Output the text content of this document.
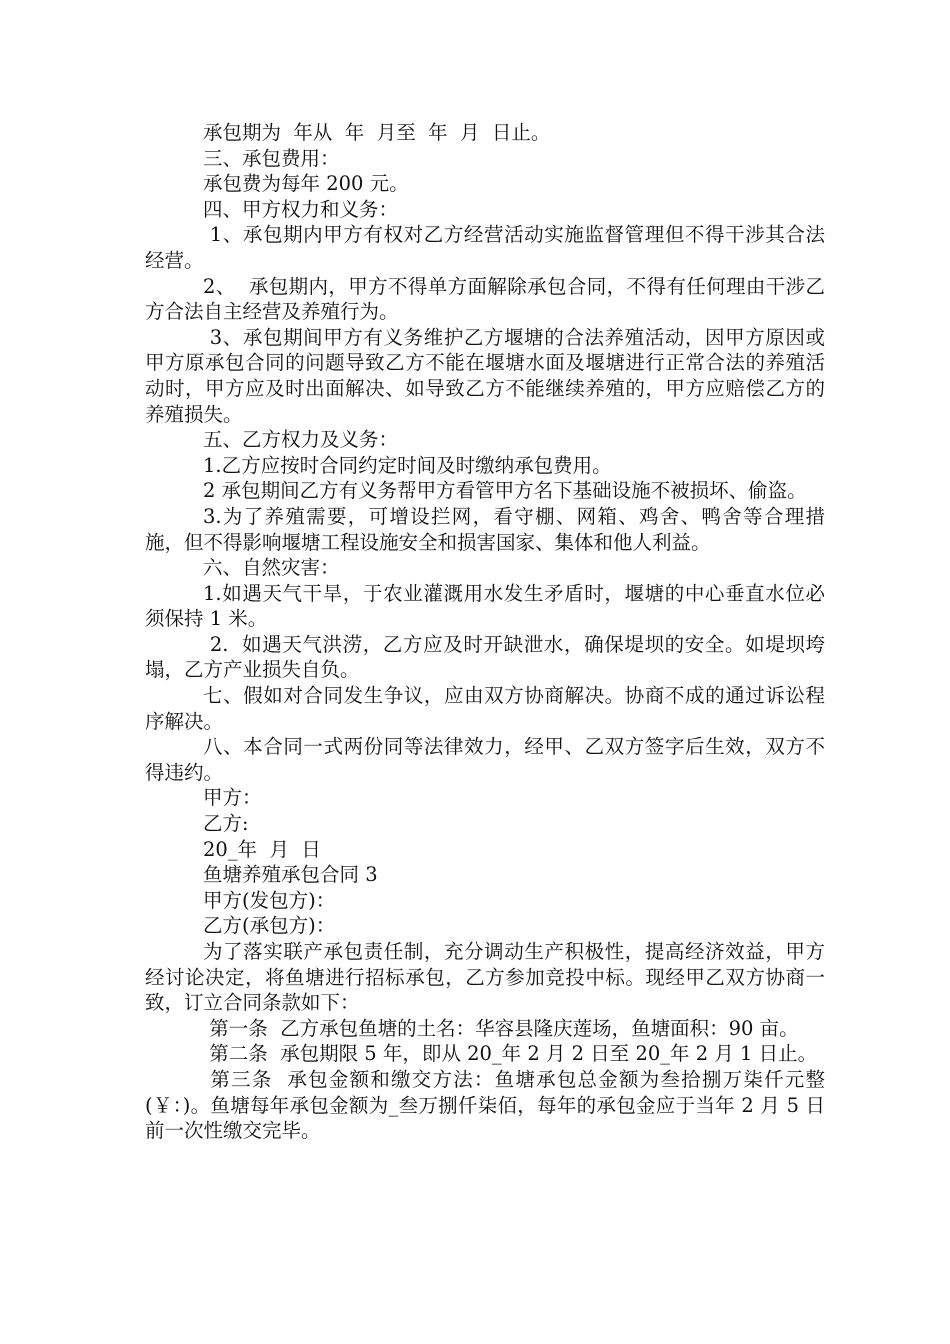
承包期为  年从  年  月至  年  月  日止。

三、承包费用：

承包费为每年 200 元。

四、甲方权力和义务：

1、承包期内甲方有权对乙方经营活动实施监督管理但不得干涉其合法经营。

2、  承包期内，甲方不得单方面解除承包合同，不得有任何理由干涉乙方合法自主经营及养殖行为。

3、承包期间甲方有义务维护乙方堰塘的合法养殖活动，因甲方原因或甲方原承包合同的问题导致乙方不能在堰塘水面及堰塘进行正常合法的养殖活动时，甲方应及时出面解决、如导致乙方不能继续养殖的，甲方应赔偿乙方的养殖损失。

五、乙方权力及义务：

1.乙方应按时合同约定时间及时缴纳承包费用。

2 承包期间乙方有义务帮甲方看管甲方名下基础设施不被损坏、偷盗。

3.为了养殖需要，可增设拦网，看守棚、网箱、鸡舍、鸭舍等合理措施，但不得影响堰塘工程设施安全和损害国家、集体和他人利益。

六、自然灾害：

1.如遇天气干旱，于农业灌溉用水发生矛盾时，堰塘的中心垂直水位必须保持 1 米。

2.  如遇天气洪涝，乙方应及时开缺泄水，确保堤坝的安全。如堤坝垮塌，乙方产业损失自负。

七、假如对合同发生争议，应由双方协商解决。协商不成的通过诉讼程序解决。

八、本合同一式两份同等法律效力，经甲、乙双方签字后生效，双方不得违约。

甲方：

乙方:

20_年  月  日

鱼塘养殖承包合同 3

甲方(发包方)：

乙方(承包方)：

为了落实联产承包责任制，充分调动生产积极性，提高经济效益，甲方经讨论决定，将鱼塘进行招标承包，乙方参加竞投中标。现经甲乙双方协商一致，订立合同条款如下：

第一条  乙方承包鱼塘的土名：华容县隆庆莲场，鱼塘面积：90 亩。

第二条  承包期限 5 年，即从 20_年 2 月 2 日至 20_年 2 月 1 日止。

第三条  承包金额和缴交方法：鱼塘承包总金额为叁拾捌万柒仟元整(￥：)。鱼塘每年承包金额为_叁万捌仟柒佰，每年的承包金应于当年 2 月 5 日前一次性缴交完毕。
